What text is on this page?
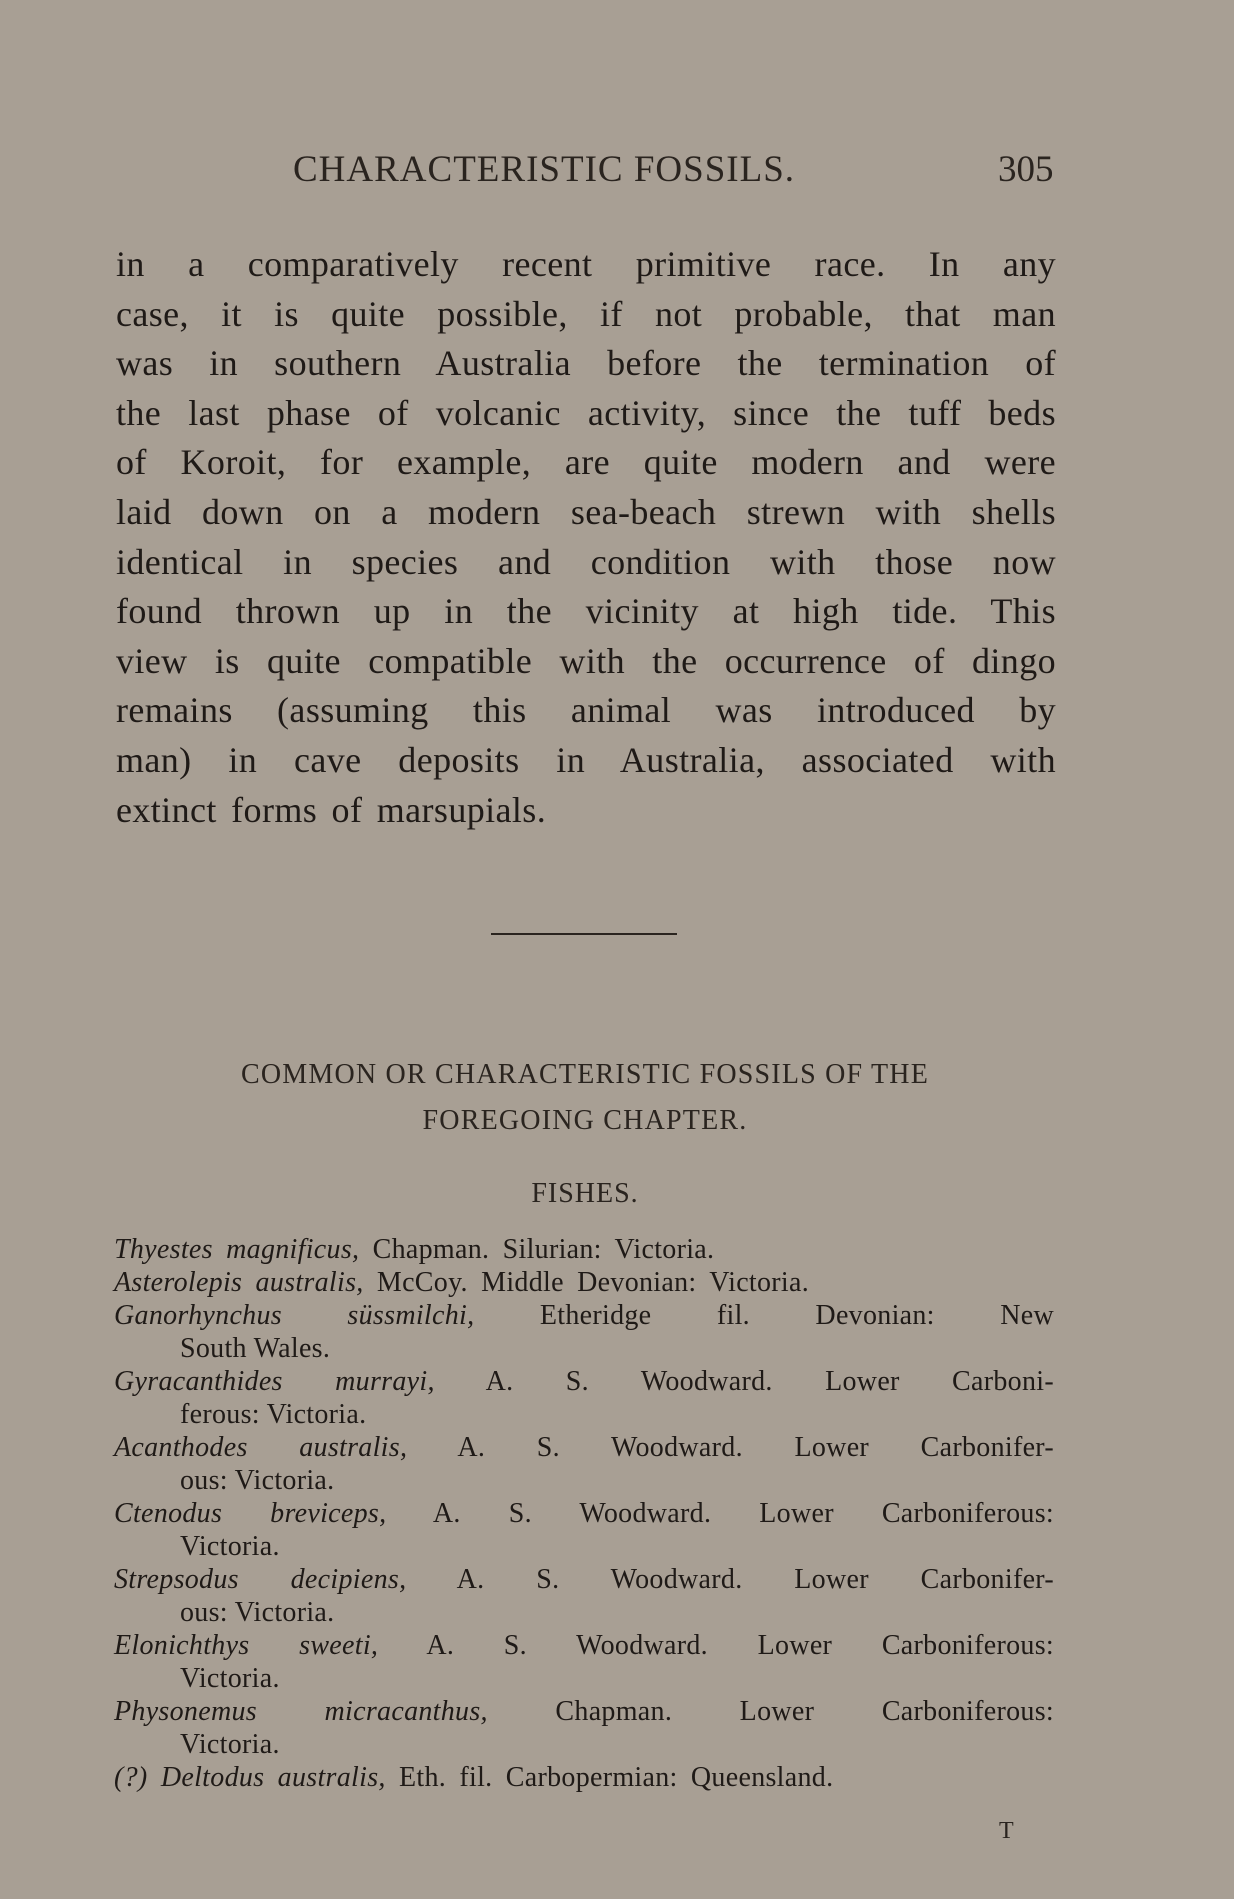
CHARACTERISTIC FOSSILS.	305
in a comparatively recent primitive race. In any
case, it is quite possible, if not probable, that man
was in southern Australia before the termination of
the last phase of volcanic activity, since the tuff beds
of Koroit, for example, are quite modern and were
laid down on a modern sea-beach strewn with shells
identical in species and condition with those now
found thrown up in the vicinity at high tide. This
view is quite compatible with the occurrence of dingo
remains (assuming this animal was introduced by
man) in cave deposits in Australia, associated with
extinct forms of marsupials.
COMMON OR CHARACTERISTIC FOSSILS OF THE
FOREGOING CHAPTER.
FISHES.
Thyestes magnificus, Chapman. Silurian: Victoria.
Asterolepis australis, McCoy. Middle Devonian: Victoria.
Ganorhynchus süssmilchi, Etheridge fil. Devonian: New
South Wales.
Gyracanthides murrayi, A. S. Woodward. Lower Carboni-
ferous: Victoria.
Acanthodes australis, A. S. Woodward. Lower Carbonifer-
ous: Victoria.
Ctenodus breviceps, A. S. Woodward. Lower Carboniferous:
Victoria.
Strepsodus decipiens, A. S. Woodward. Lower Carbonifer-
ous: Victoria.
Elonichthys sweeti, A. S. Woodward. Lower Carboniferous:
Victoria.
Physonemus micracanthus, Chapman. Lower Carboniferous:
Victoria.
(?) Deltodus australis, Eth. fil. Carbopermian: Queensland.
T
